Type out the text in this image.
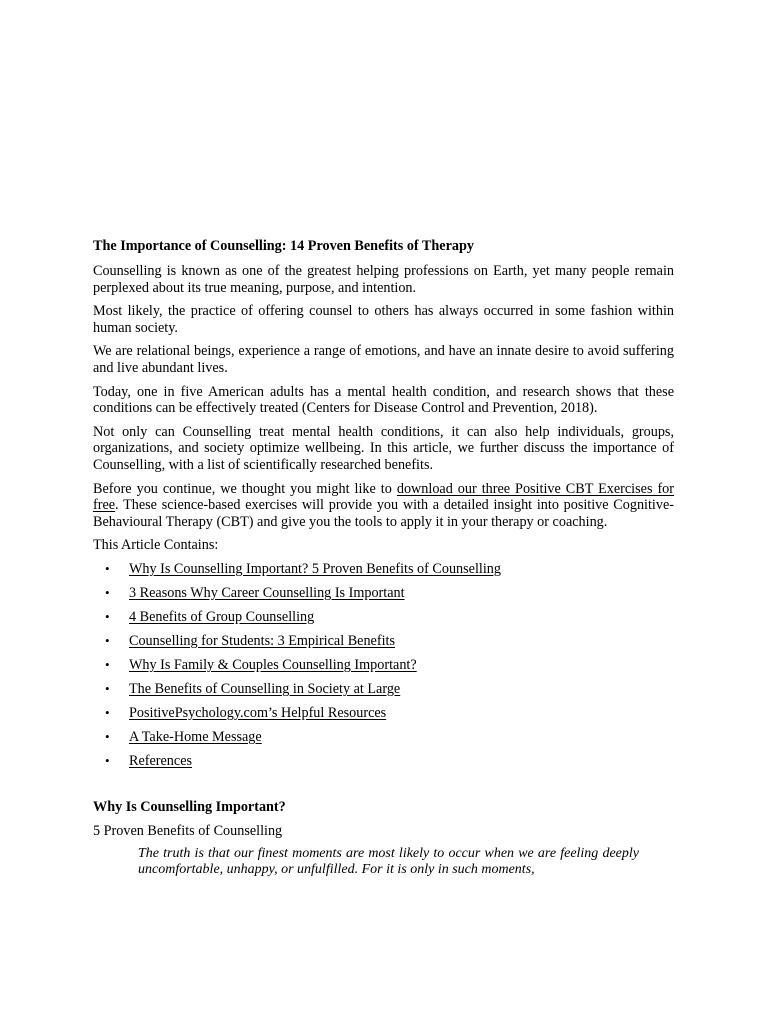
The Importance of Counselling: 14 Proven Benefits of Therapy

Counselling is known as one of the greatest helping professions on Earth, yet many people remain perplexed about its true meaning, purpose, and intention.

Most likely, the practice of offering counsel to others has always occurred in some fashion within human society.

We are relational beings, experience a range of emotions, and have an innate desire to avoid suffering and live abundant lives.

Today, one in five American adults has a mental health condition, and research shows that these conditions can be effectively treated (Centers for Disease Control and Prevention, 2018).

Not only can Counselling treat mental health conditions, it can also help individuals, groups, organizations, and society optimize wellbeing. In this article, we further discuss the importance of Counselling, with a list of scientifically researched benefits.

Before you continue, we thought you might like to download our three Positive CBT Exercises for free. These science-based exercises will provide you with a detailed insight into positive Cognitive-Behavioural Therapy (CBT) and give you the tools to apply it in your therapy or coaching.

This Article Contains:
• Why Is Counselling Important? 5 Proven Benefits of Counselling
• 3 Reasons Why Career Counselling Is Important
• 4 Benefits of Group Counselling
• Counselling for Students: 3 Empirical Benefits
• Why Is Family & Couples Counselling Important?
• The Benefits of Counselling in Society at Large
• PositivePsychology.com’s Helpful Resources
• A Take-Home Message
• References
Why Is Counselling Important?
5 Proven Benefits of Counselling
The truth is that our finest moments are most likely to occur when we are feeling deeply uncomfortable, unhappy, or unfulfilled. For it is only in such moments,
